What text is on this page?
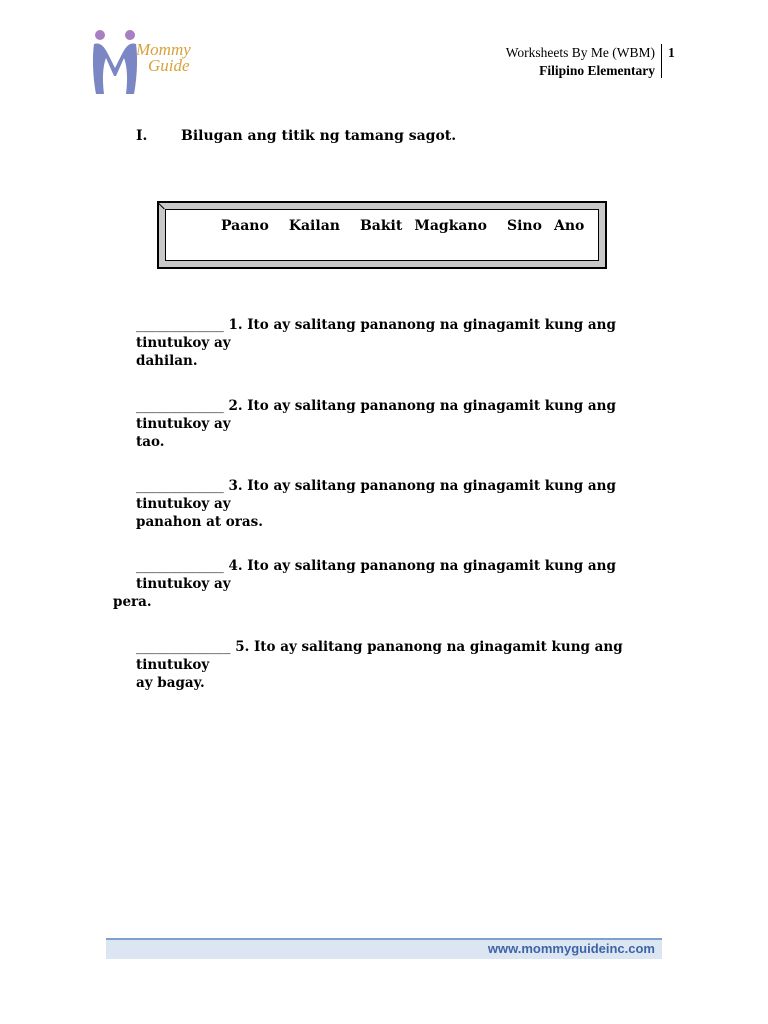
Mommy
Guide
Worksheets By Me (WBM)
Filipino Elementary
1
I. Bilugan ang titik ng tamang sagot.
Paano Kailan Bakit Magkano Sino Ano
_____________ 1. Ito ay salitang pananong na ginagamit kung ang tinutukoy ay
dahilan.
_____________ 2. Ito ay salitang pananong na ginagamit kung ang tinutukoy ay
tao.
_____________ 3. Ito ay salitang pananong na ginagamit kung ang tinutukoy ay
panahon at oras.
_____________ 4. Ito ay salitang pananong na ginagamit kung ang tinutukoy ay
pera.
______________ 5. Ito ay salitang pananong na ginagamit kung ang tinutukoy
ay bagay.
www.mommyguideinc.com
